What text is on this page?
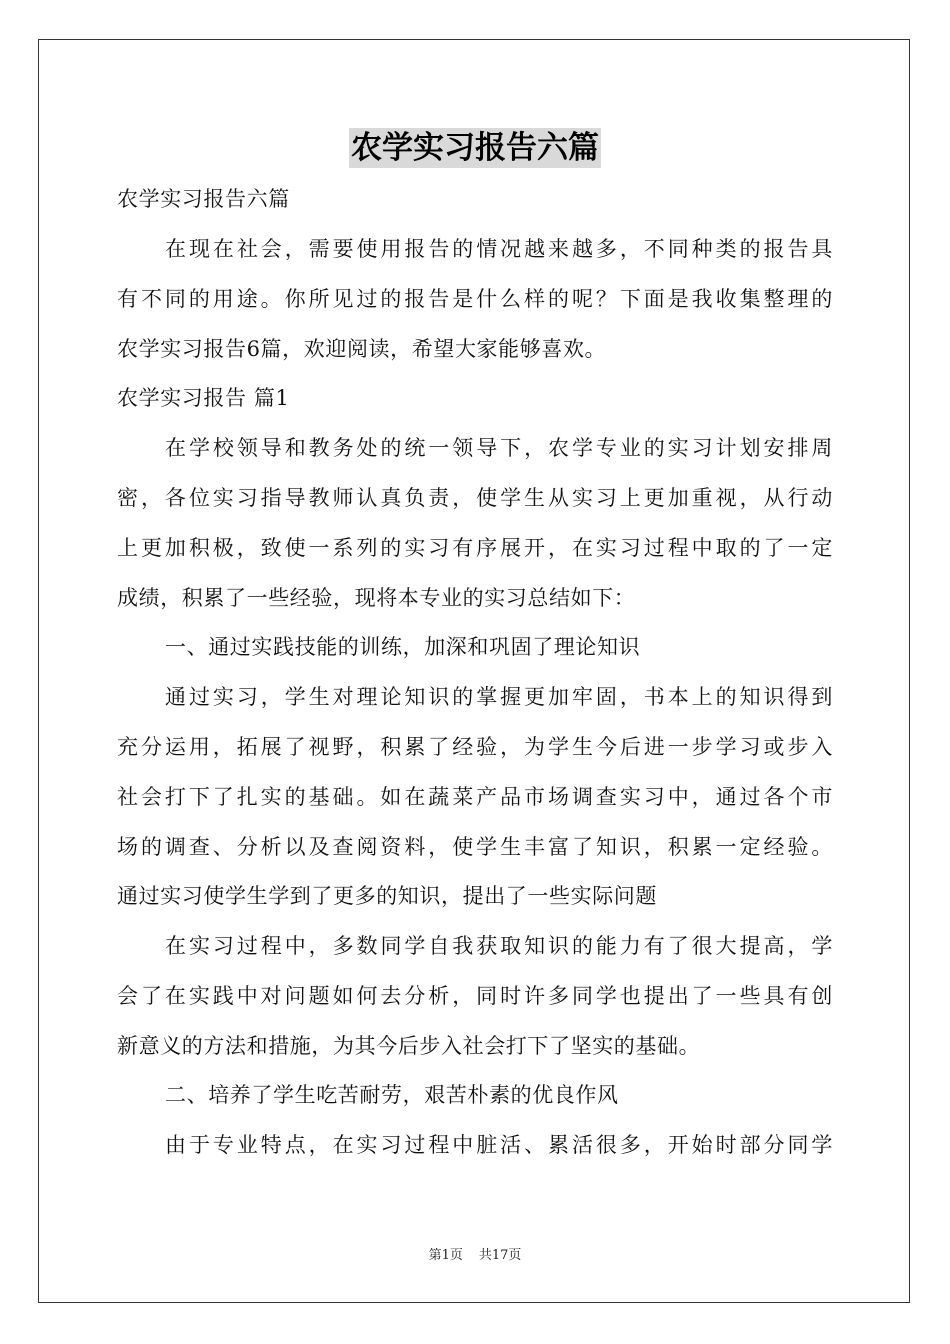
农学实习报告六篇
农学实习报告六篇
在现在社会，需要使用报告的情况越来越多，不同种类的报告具
有不同的用途。你所见过的报告是什么样的呢？下面是我收集整理的
农学实习报告6篇，欢迎阅读，希望大家能够喜欢。
农学实习报告 篇1
在学校领导和教务处的统一领导下，农学专业的实习计划安排周
密，各位实习指导教师认真负责，使学生从实习上更加重视，从行动
上更加积极，致使一系列的实习有序展开，在实习过程中取的了一定
成绩，积累了一些经验，现将本专业的实习总结如下：
一、通过实践技能的训练，加深和巩固了理论知识
通过实习，学生对理论知识的掌握更加牢固，书本上的知识得到
充分运用，拓展了视野，积累了经验，为学生今后进一步学习或步入
社会打下了扎实的基础。如在蔬菜产品市场调查实习中，通过各个市
场的调查、分析以及查阅资料，使学生丰富了知识，积累一定经验。
通过实习使学生学到了更多的知识，提出了一些实际问题
在实习过程中，多数同学自我获取知识的能力有了很大提高，学
会了在实践中对问题如何去分析，同时许多同学也提出了一些具有创
新意义的方法和措施，为其今后步入社会打下了坚实的基础。
二、培养了学生吃苦耐劳，艰苦朴素的优良作风
由于专业特点，在实习过程中脏活、累活很多，开始时部分同学
第1页 共17页
